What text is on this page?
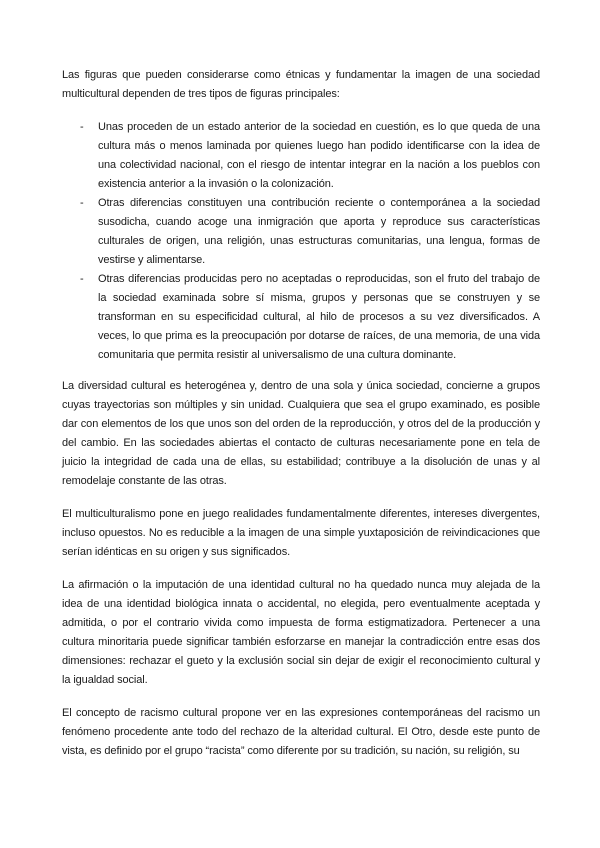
Las figuras que pueden considerarse como étnicas y fundamentar la imagen de una sociedad multicultural dependen de tres tipos de figuras principales:

- Unas proceden de un estado anterior de la sociedad en cuestión, es lo que queda de una cultura más o menos laminada por quienes luego han podido identificarse con la idea de una colectividad nacional, con el riesgo de intentar integrar en la nación a los pueblos con existencia anterior a la invasión o la colonización.
- Otras diferencias constituyen una contribución reciente o contemporánea a la sociedad susodicha, cuando acoge una inmigración que aporta y reproduce sus características culturales de origen, una religión, unas estructuras comunitarias, una lengua, formas de vestirse y alimentarse.
- Otras diferencias producidas pero no aceptadas o reproducidas, son el fruto del trabajo de la sociedad examinada sobre sí misma, grupos y personas que se construyen y se transforman en su especificidad cultural, al hilo de procesos a su vez diversificados. A veces, lo que prima es la preocupación por dotarse de raíces, de una memoria, de una vida comunitaria que permita resistir al universalismo de una cultura dominante.

La diversidad cultural es heterogénea y, dentro de una sola y única sociedad, concierne a grupos cuyas trayectorias son múltiples y sin unidad. Cualquiera que sea el grupo examinado, es posible dar con elementos de los que unos son del orden de la reproducción, y otros del de la producción y del cambio. En las sociedades abiertas el contacto de culturas necesariamente pone en tela de juicio la integridad de cada una de ellas, su estabilidad; contribuye a la disolución de unas y al remodelaje constante de las otras.

El multiculturalismo pone en juego realidades fundamentalmente diferentes, intereses divergentes, incluso opuestos. No es reducible a la imagen de una simple yuxtaposición de reivindicaciones que serían idénticas en su origen y sus significados.

La afirmación o la imputación de una identidad cultural no ha quedado nunca muy alejada de la idea de una identidad biológica innata o accidental, no elegida, pero eventualmente aceptada y admitida, o por el contrario vivida como impuesta de forma estigmatizadora. Pertenecer a una cultura minoritaria puede significar también esforzarse en manejar la contradicción entre esas dos dimensiones: rechazar el gueto y la exclusión social sin dejar de exigir el reconocimiento cultural y la igualdad social.

El concepto de racismo cultural propone ver en las expresiones contemporáneas del racismo un fenómeno procedente ante todo del rechazo de la alteridad cultural. El Otro, desde este punto de vista, es definido por el grupo “racista” como diferente por su tradición, su nación, su religión, su
